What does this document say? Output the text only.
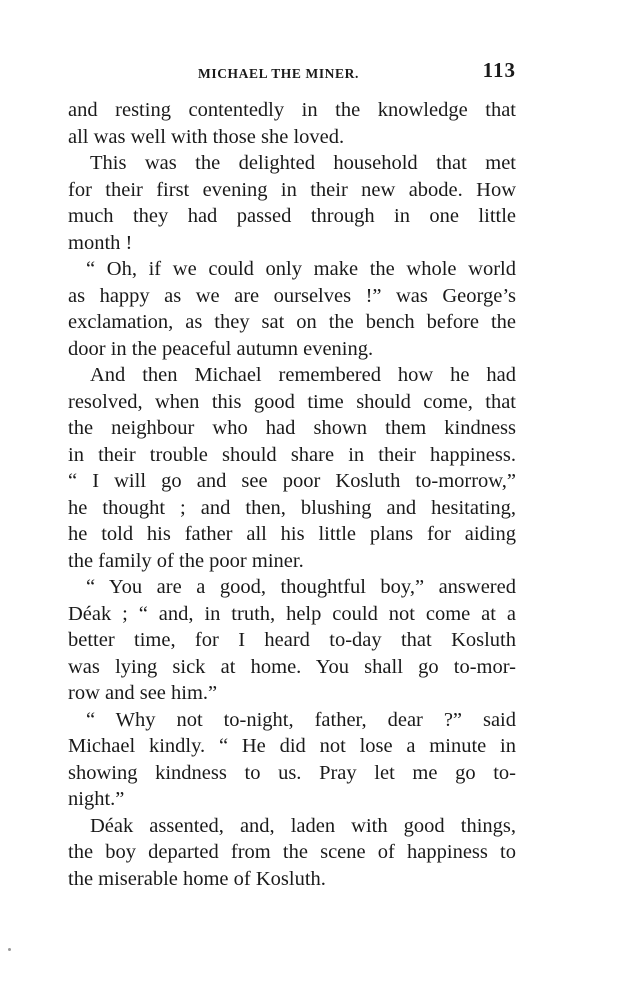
MICHAEL THE MINER.	113
and resting contentedly in the knowledge that
all was well with those she loved.
This was the delighted household that met
for their first evening in their new abode. How
much they had passed through in one little
month !
“ Oh, if we could only make the whole world
as happy as we are ourselves !” was George’s
exclamation, as they sat on the bench before the
door in the peaceful autumn evening.
And then Michael remembered how he had
resolved, when this good time should come, that
the neighbour who had shown them kindness
in their trouble should share in their happiness.
“ I will go and see poor Kosluth to-morrow,”
he thought ; and then, blushing and hesitating,
he told his father all his little plans for aiding
the family of the poor miner.
“ You are a good, thoughtful boy,” answered
Déak ; “ and, in truth, help could not come at a
better time, for I heard to-day that Kosluth
was lying sick at home. You shall go to-mor-
row and see him.”
“ Why not to-night, father, dear ?” said
Michael kindly. “ He did not lose a minute in
showing kindness to us. Pray let me go to-
night.”
Déak assented, and, laden with good things,
the boy departed from the scene of happiness to
the miserable home of Kosluth.
